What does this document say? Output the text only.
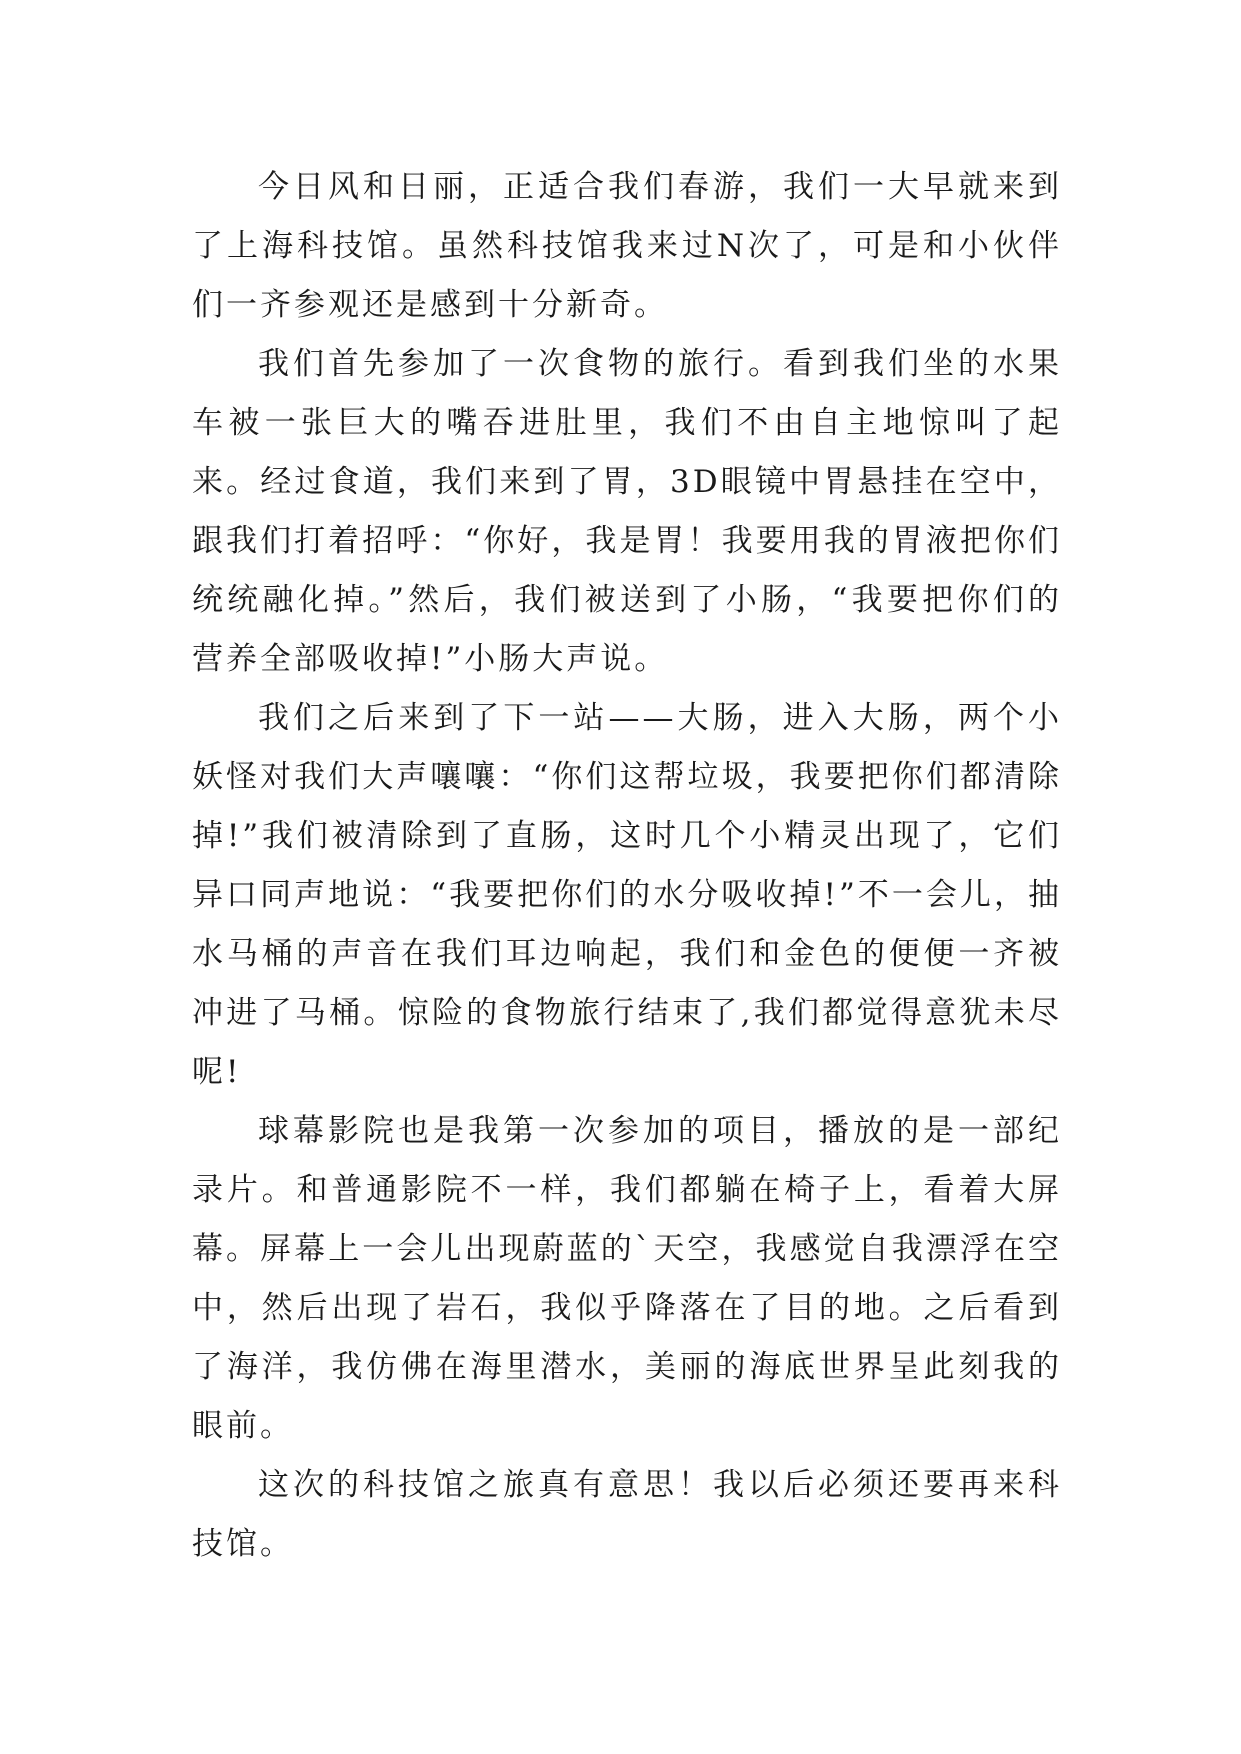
今日风和日丽，正适合我们春游，我们一大早就来到了上海科技馆。虽然科技馆我来过N次了，可是和小伙伴们一齐参观还是感到十分新奇。

我们首先参加了一次食物的旅行。看到我们坐的水果车被一张巨大的嘴吞进肚里，我们不由自主地惊叫了起来。经过食道，我们来到了胃，3D眼镜中胃悬挂在空中，跟我们打着招呼：“你好，我是胃！我要用我的胃液把你们统统融化掉。”然后，我们被送到了小肠，“我要把你们的营养全部吸收掉!”小肠大声说。

我们之后来到了下一站——大肠，进入大肠，两个小妖怪对我们大声嚷嚷：“你们这帮垃圾，我要把你们都清除掉!”我们被清除到了直肠，这时几个小精灵出现了，它们异口同声地说：“我要把你们的水分吸收掉!”不一会儿，抽水马桶的声音在我们耳边响起，我们和金色的便便一齐被冲进了马桶。惊险的食物旅行结束了,我们都觉得意犹未尽呢!

球幕影院也是我第一次参加的项目，播放的是一部纪录片。和普通影院不一样，我们都躺在椅子上，看着大屏幕。屏幕上一会儿出现蔚蓝的`天空，我感觉自我漂浮在空中，然后出现了岩石，我似乎降落在了目的地。之后看到了海洋，我仿佛在海里潜水，美丽的海底世界呈此刻我的眼前。

这次的科技馆之旅真有意思！我以后必须还要再来科技馆。
